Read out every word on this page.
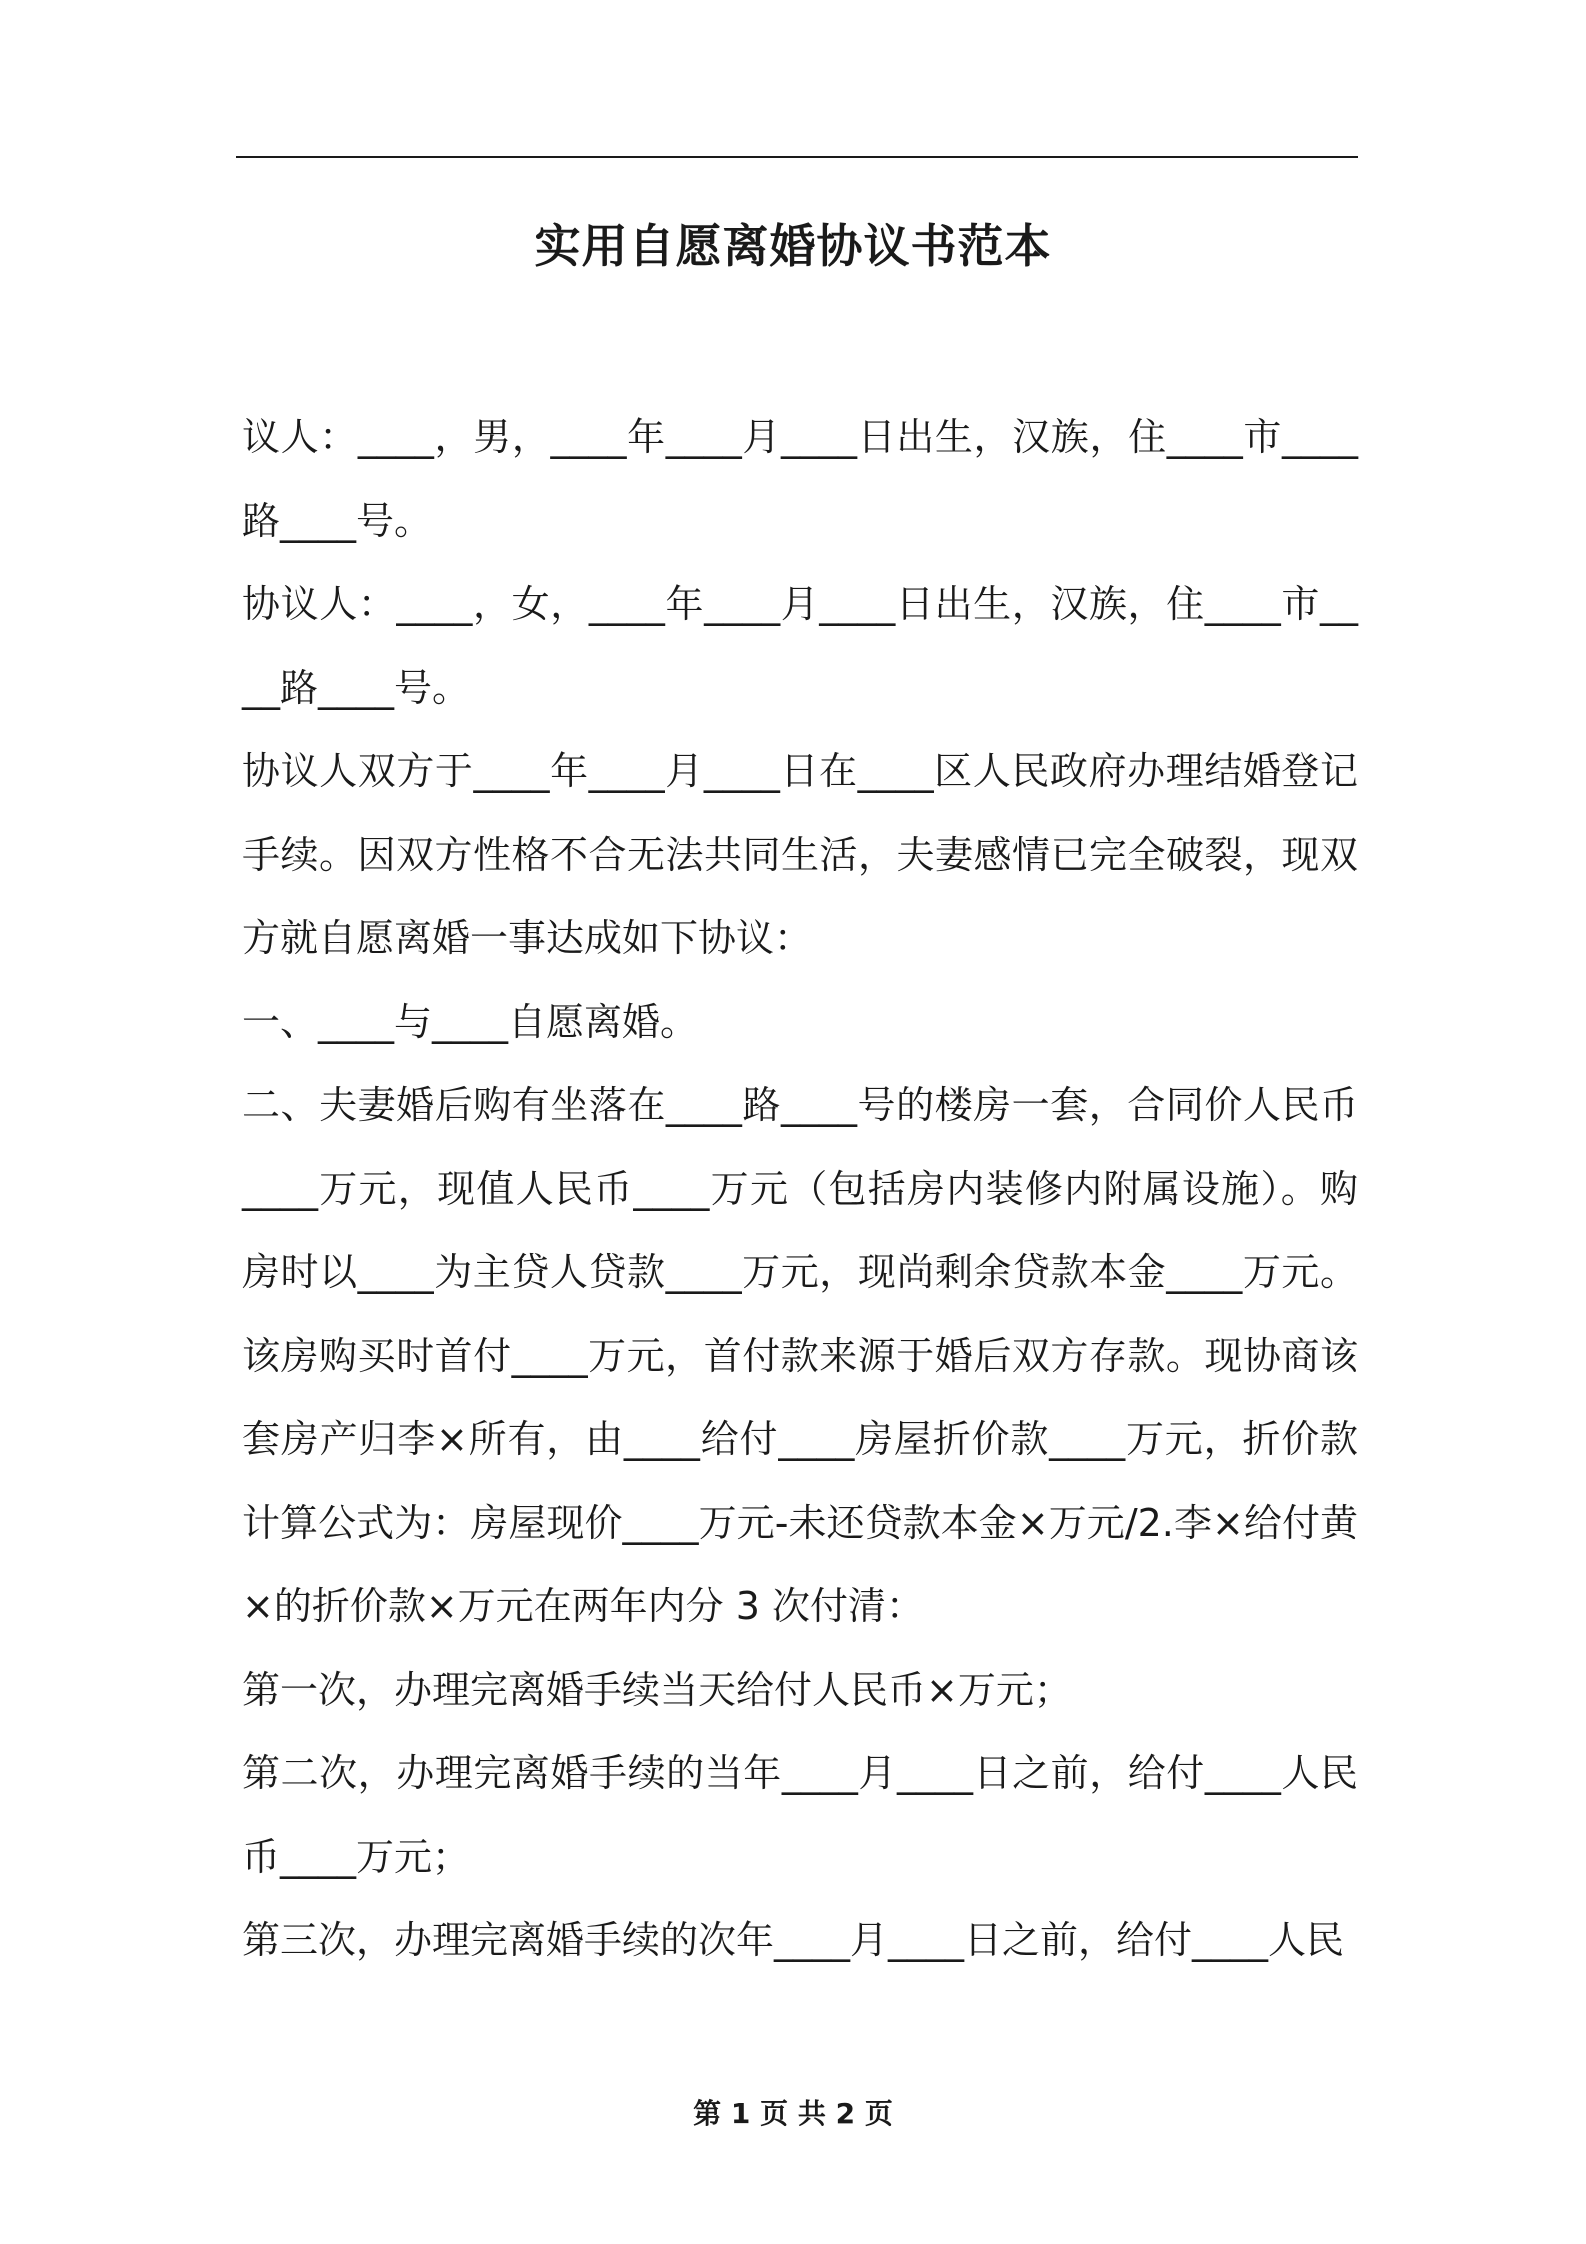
实用自愿离婚协议书范本

议人：____，男，____年____月____日出生，汉族，住____市____路____号。

协议人：____，女，____年____月____日出生，汉族，住____市____路____号。

协议人双方于____年____月____日在____区人民政府办理结婚登记手续。因双方性格不合无法共同生活，夫妻感情已完全破裂，现双方就自愿离婚一事达成如下协议：

一、____与____自愿离婚。

二、夫妻婚后购有坐落在____路____号的楼房一套，合同价人民币____万元，现值人民币____万元（包括房内装修内附属设施）。购房时以____为主贷人贷款____万元，现尚剩余贷款本金____万元。该房购买时首付____万元，首付款来源于婚后双方存款。现协商该套房产归李×所有，由____给付____房屋折价款____万元，折价款计算公式为：房屋现价____万元-未还贷款本金×万元/2.李×给付黄×的折价款×万元在两年内分 3 次付清：

第一次，办理完离婚手续当天给付人民币×万元；

第二次，办理完离婚手续的当年____月____日之前，给付____人民币____万元；

第三次，办理完离婚手续的次年____月____日之前，给付____人民

第 1 页 共 2 页
